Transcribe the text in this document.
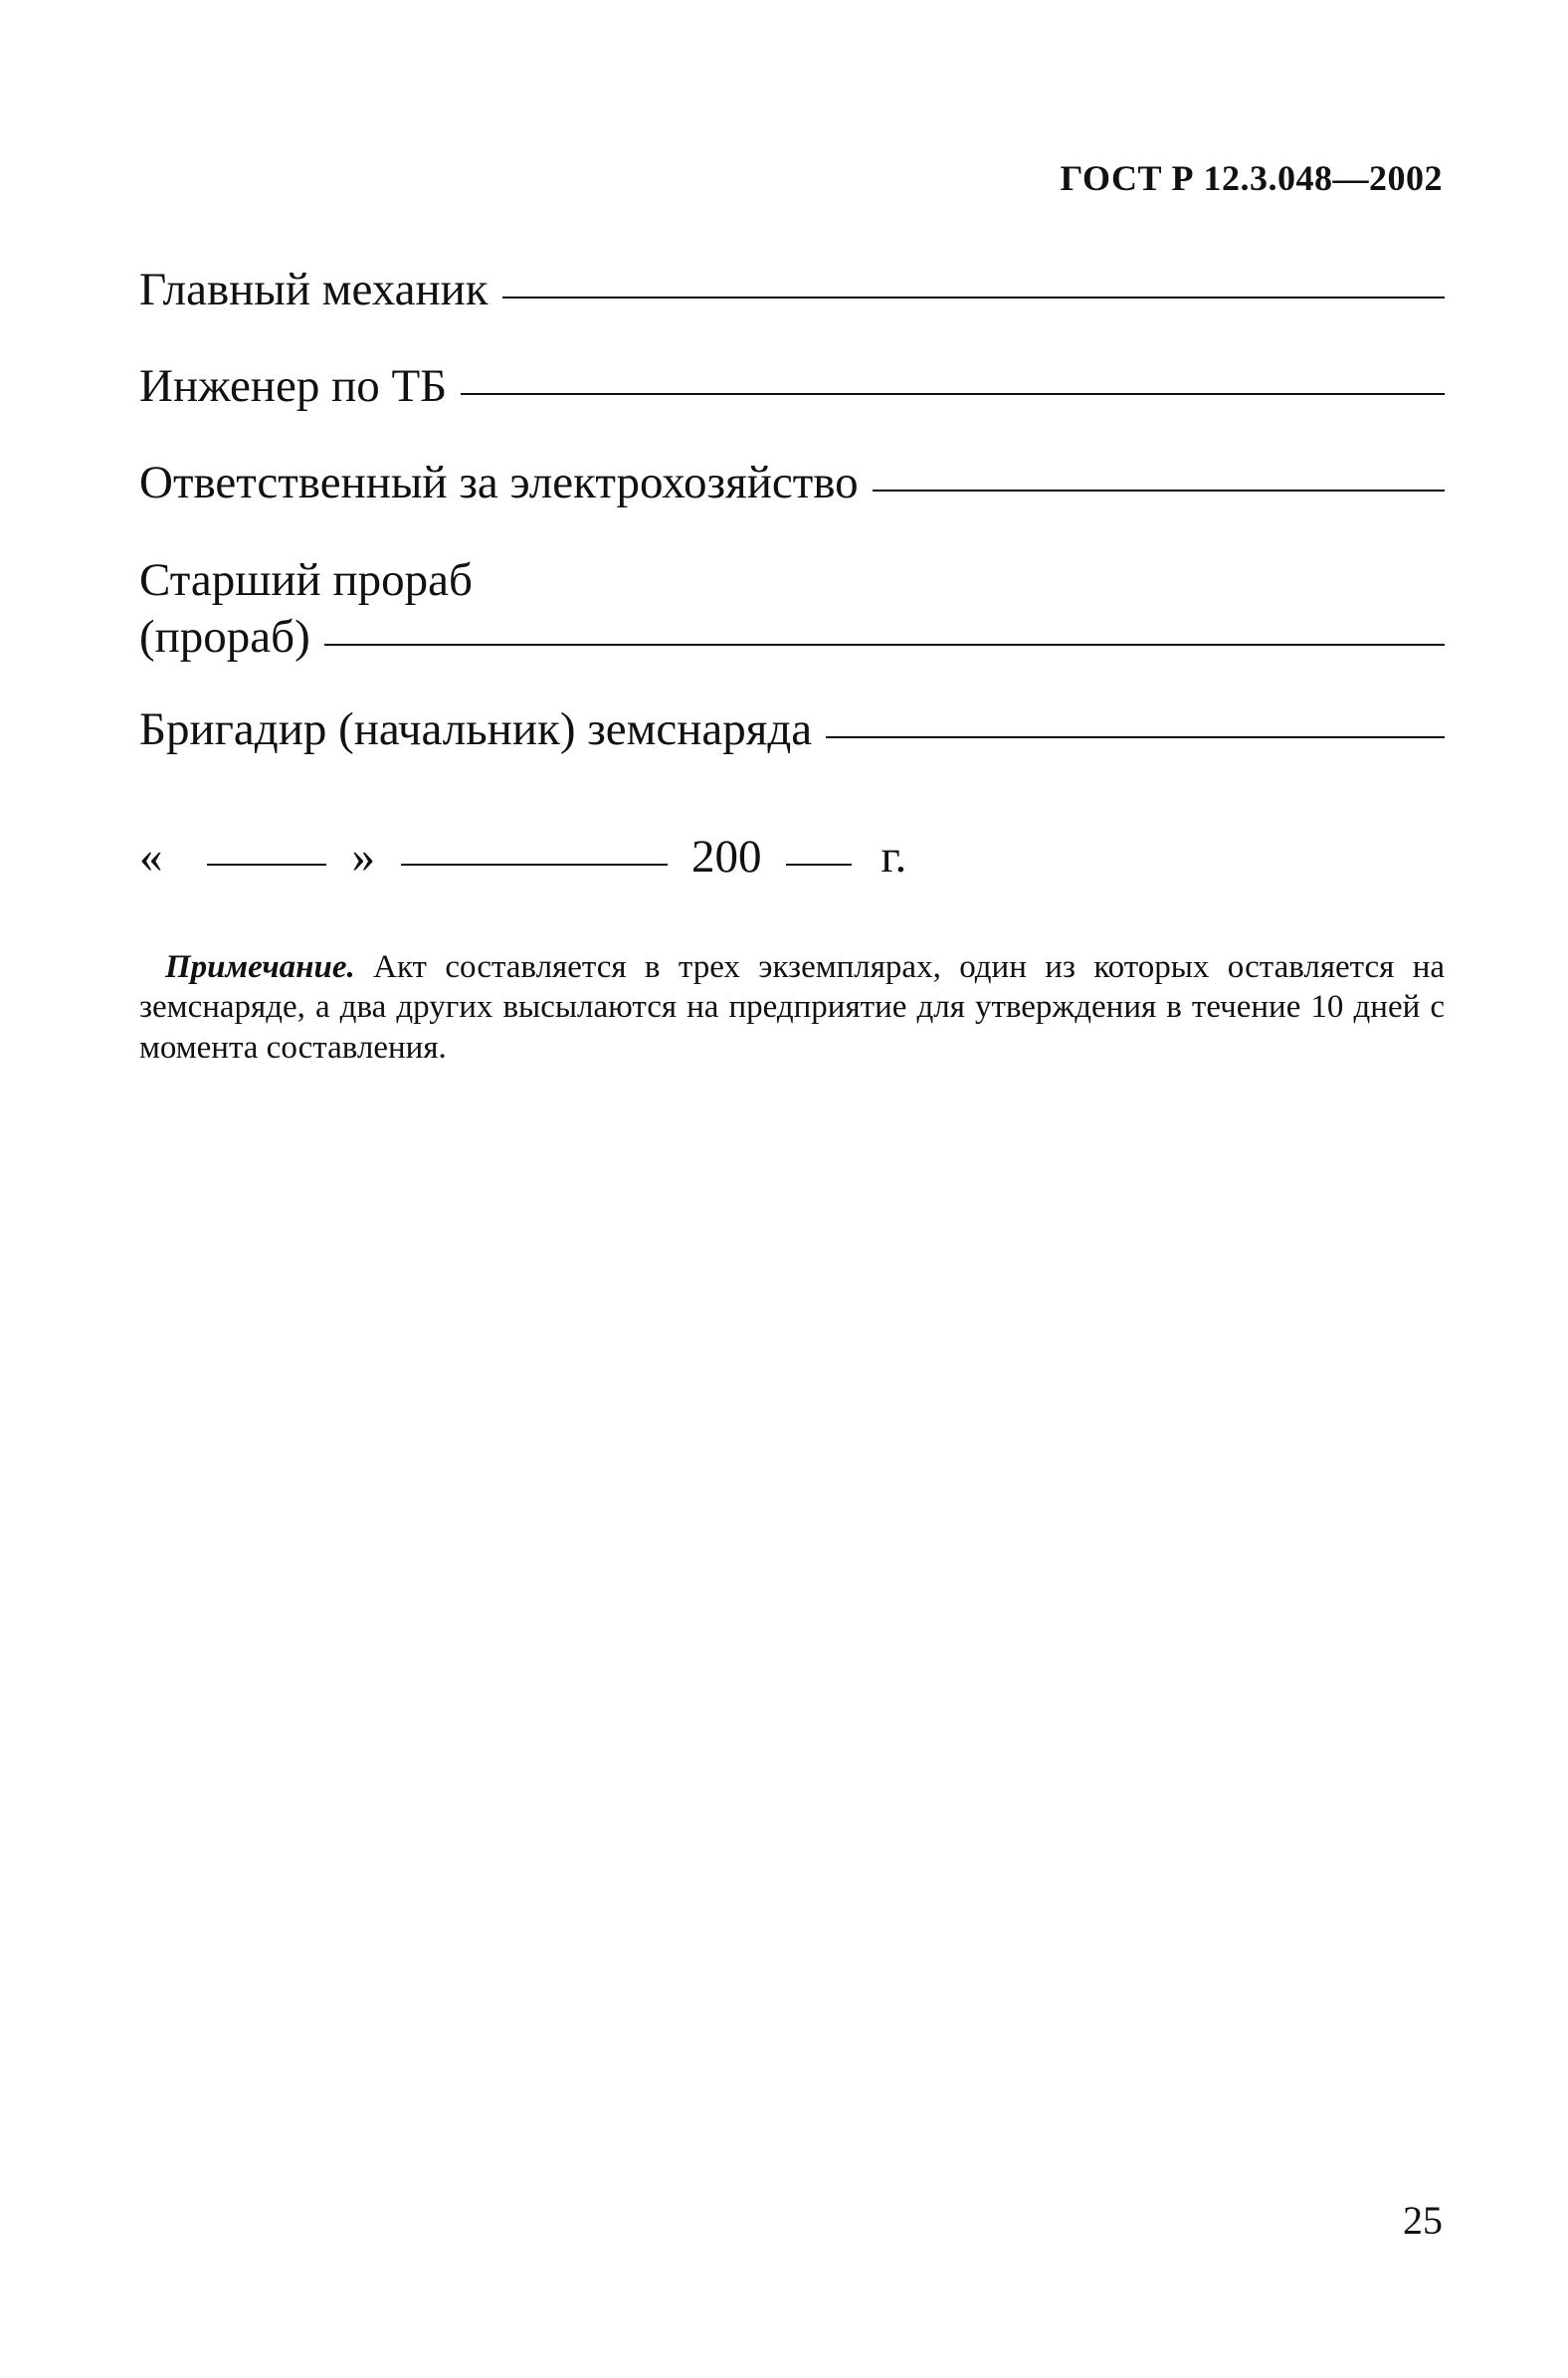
ГОСТ Р 12.3.048—2002
Главный механик
Инженер по ТБ
Ответственный за электрохозяйство
Старший прораб
(прораб)
Бригадир (начальник) земснаряда
«	»	200	г.
Примечание. Акт составляется в трех экземплярах, один из которых оставляется на земснаряде, а два других высылаются на предприятие для утверждения в течение 10 дней с момента составления.
25
